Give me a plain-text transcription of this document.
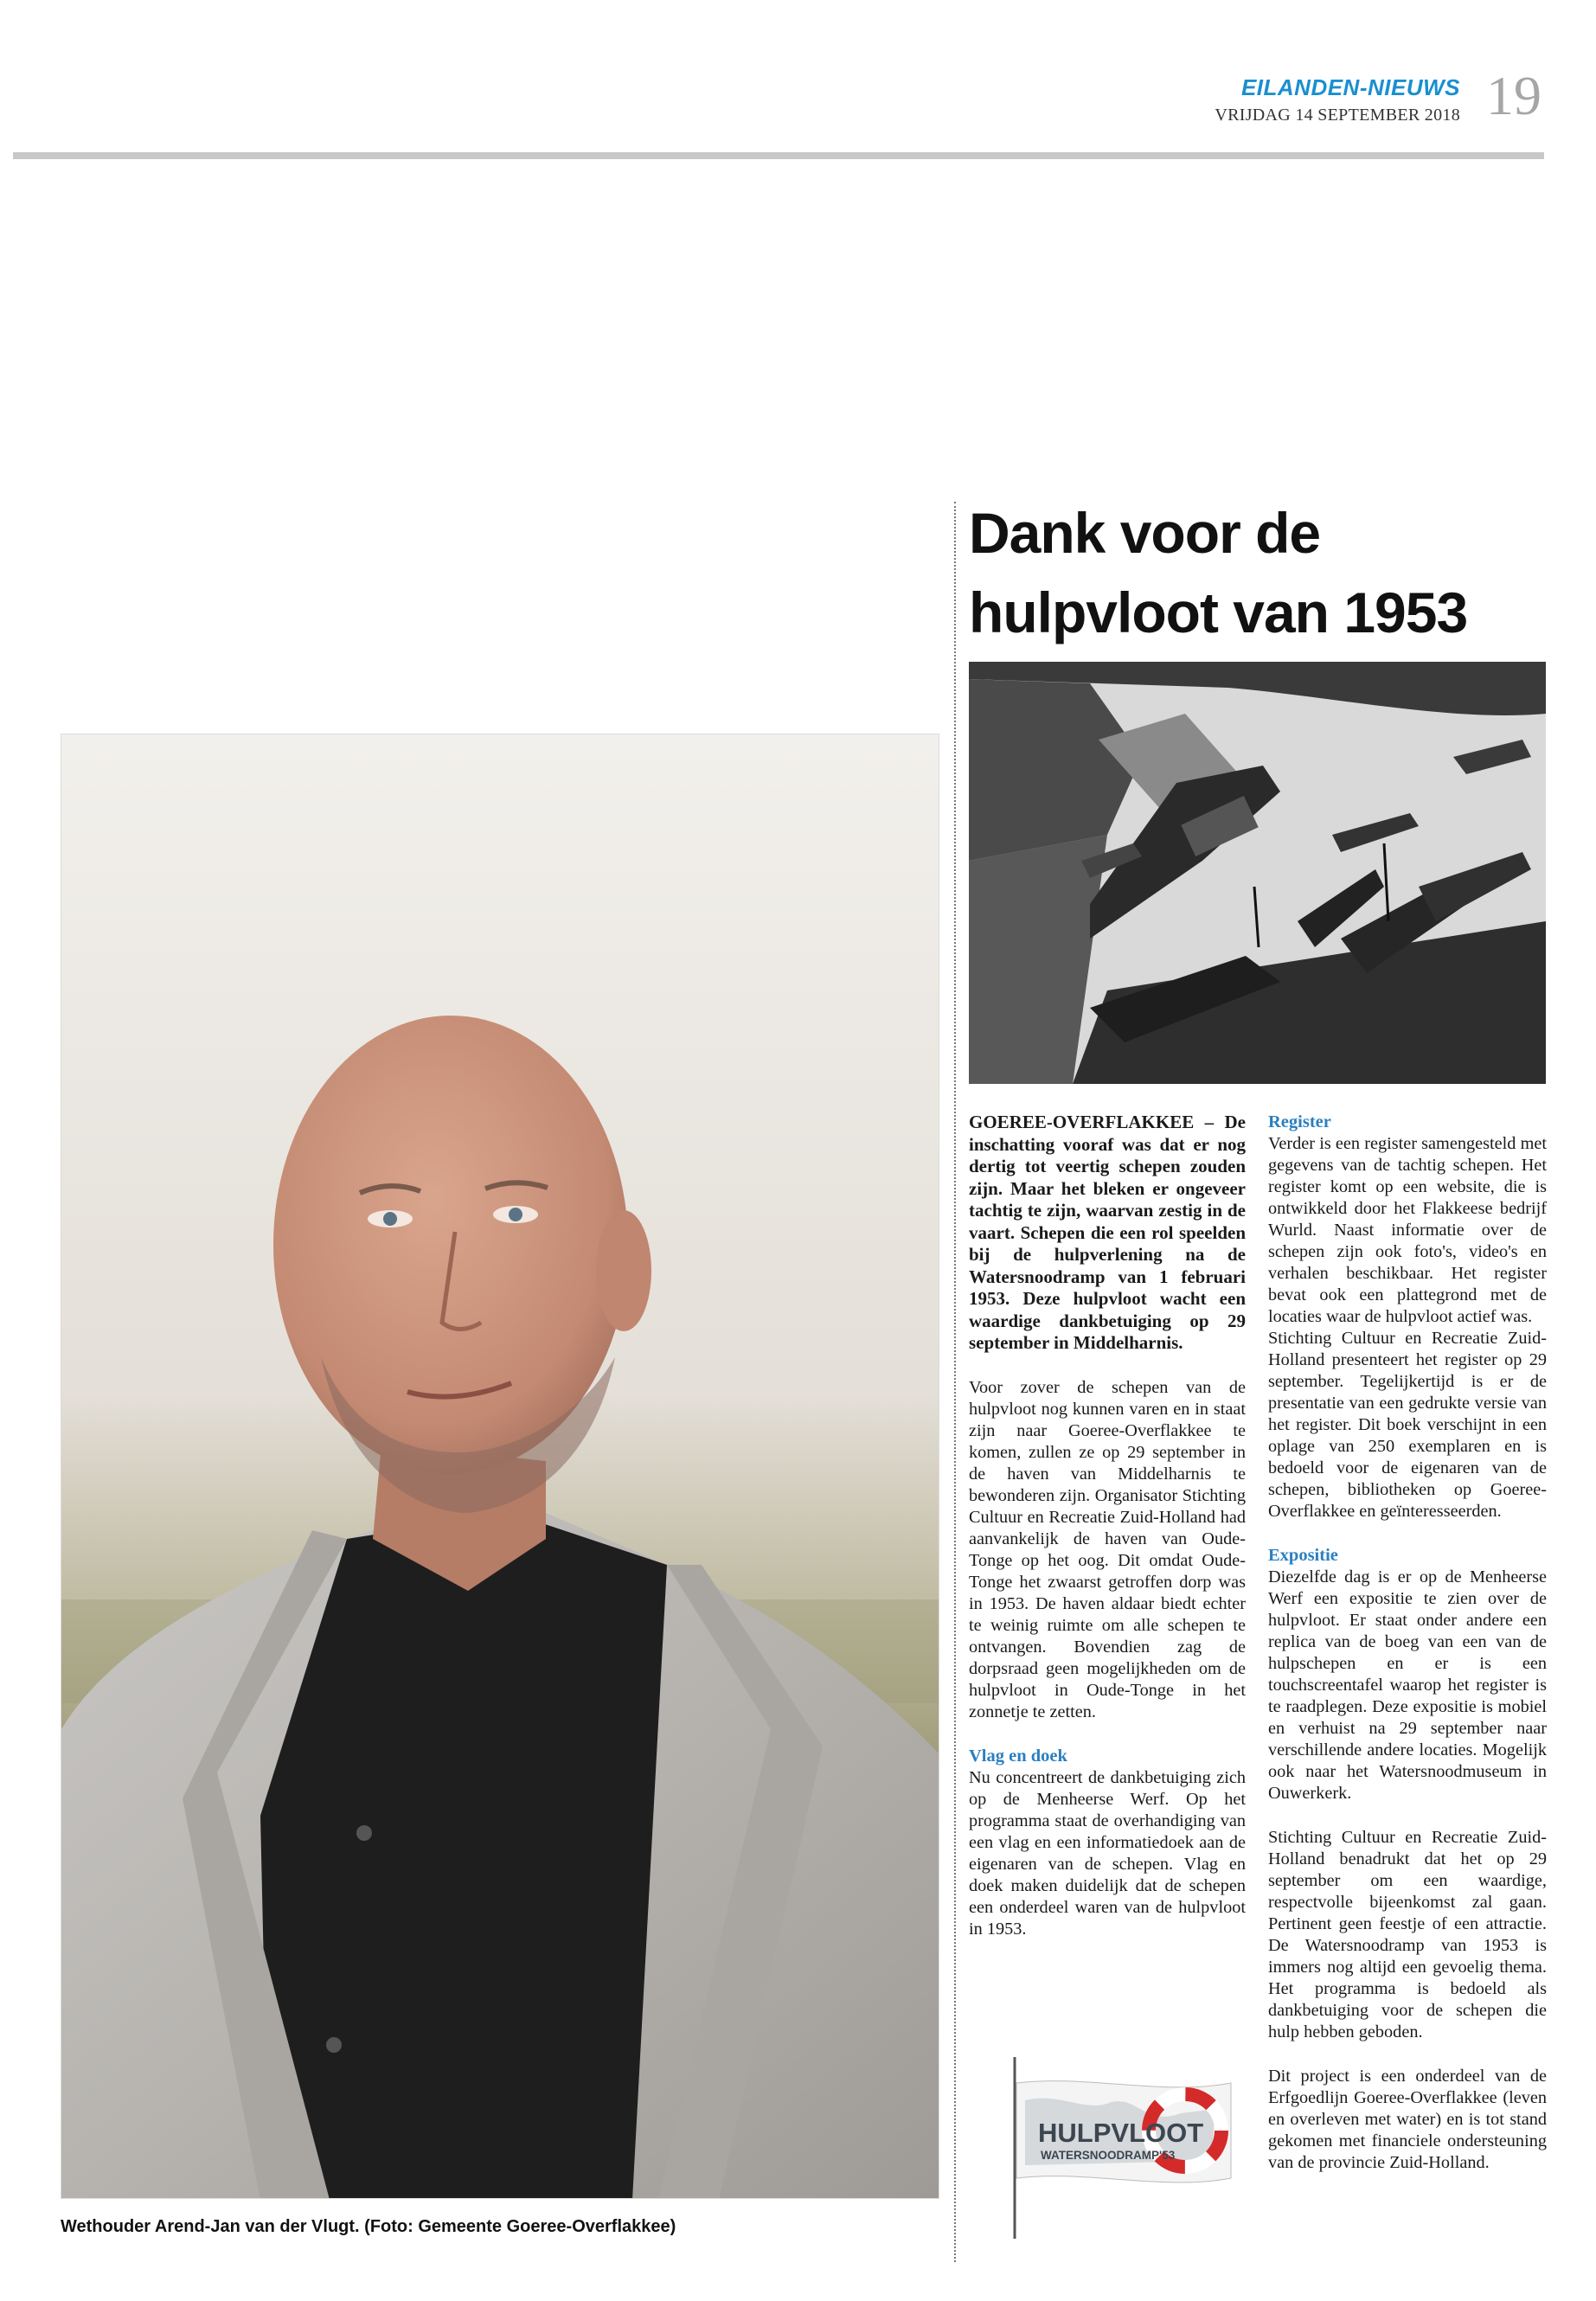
EILANDEN-NIEUWS
VRIJDAG 14 SEPTEMBER 2018 19
Dank voor de
hulpvloot van 1953
Wethouder Arend-Jan van der Vlugt. (Foto: Gemeente Goeree-Overflakkee)

GOEREE-OVERFLAKKEE – De inschatting vooraf was dat er nog dertig tot veertig schepen zouden zijn. Maar het bleken er ongeveer tachtig te zijn, waarvan zestig in de vaart. Schepen die een rol speelden bij de hulpverlening na de Watersnoodramp van 1 februari 1953. Deze hulpvloot wacht een waardige dankbetuiging op 29 september in Middelharnis.

Voor zover de schepen van de hulpvloot nog kunnen varen en in staat zijn naar Goeree-Overflakkee te komen, zullen ze op 29 september in de haven van Middelharnis te bewonderen zijn. Organisator Stichting Cultuur en Recreatie Zuid-Holland had aanvankelijk de haven van Oude-Tonge op het oog. Dit omdat Oude-Tonge het zwaarst getroffen dorp was in 1953. De haven aldaar biedt echter te weinig ruimte om alle schepen te ontvangen. Bovendien zag de dorpsraad geen mogelijkheden om de hulpvloot in Oude-Tonge in het zonnetje te zetten.

Vlag en doek

Nu concentreert de dankbetuiging zich op de Menheerse Werf. Op het programma staat de overhandiging van een vlag en een informatiedoek aan de eigenaren van de schepen. Vlag en doek maken duidelijk dat de schepen een onderdeel waren van de hulpvloot in 1953.

HULPVLOOT
WATERSNOODRAMP'53

Register

Verder is een register samengesteld met gegevens van de tachtig schepen. Het register komt op een website, die is ontwikkeld door het Flakkeese bedrijf Wurld. Naast informatie over de schepen zijn ook foto's, video's en verhalen beschikbaar. Het register bevat ook een plattegrond met de locaties waar de hulpvloot actief was.

Stichting Cultuur en Recreatie Zuid-Holland presenteert het register op 29 september. Tegelijkertijd is er de presentatie van een gedrukte versie van het register. Dit boek verschijnt in een oplage van 250 exemplaren en is bedoeld voor de eigenaren van de schepen, bibliotheken op Goeree-Overflakkee en geïnteresseerden.

Expositie

Diezelfde dag is er op de Menheerse Werf een expositie te zien over de hulpvloot. Er staat onder andere een replica van de boeg van een van de hulpschepen en er is een touchscreentafel waarop het register is te raadplegen. Deze expositie is mobiel en verhuist na 29 september naar verschillende andere locaties. Mogelijk ook naar het Watersnoodmuseum in Ouwerkerk.

Stichting Cultuur en Recreatie Zuid-Holland benadrukt dat het op 29 september om een waardige, respectvolle bijeenkomst zal gaan. Pertinent geen feestje of een attractie. De Watersnoodramp van 1953 is immers nog altijd een gevoelig thema. Het programma is bedoeld als dankbetuiging voor de schepen die hulp hebben geboden.

Dit project is een onderdeel van de Erfgoedlijn Goeree-Overflakkee (leven en overleven met water) en is tot stand gekomen met financiele ondersteuning van de provincie Zuid-Holland.
